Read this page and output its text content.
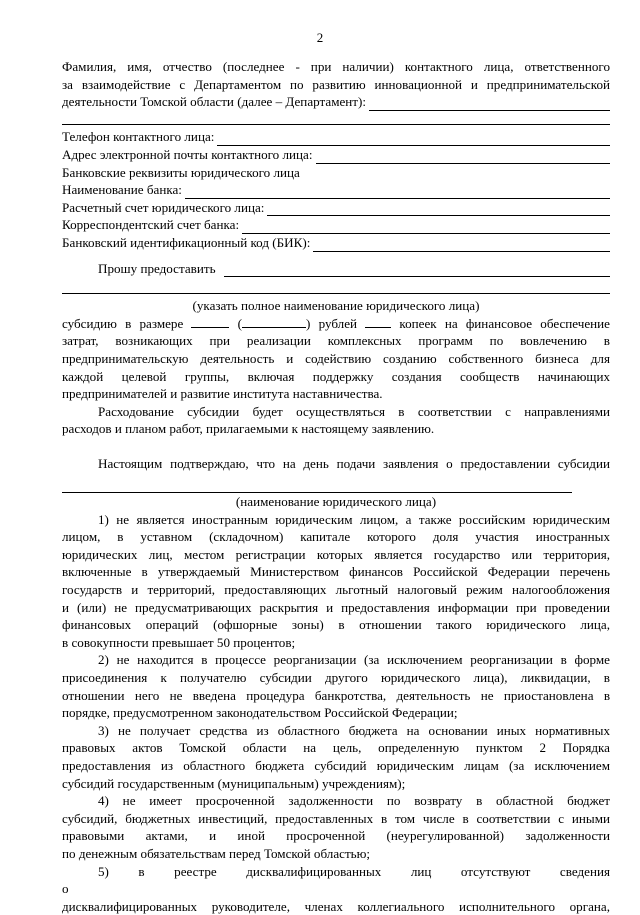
2
Фамилия, имя, отчество (последнее - при наличии) контактного лица, ответственного
за взаимодействие с Департаментом по развитию инновационной и предпринимательской
деятельности Томской области (далее – Департамент):
Телефон контактного лица:
Адрес электронной почты контактного лица:
Банковские реквизиты юридического лица
Наименование банка:
Расчетный счет юридического лица:
Корреспондентский счет банка:
Банковский идентификационный код (БИК):
Прошу предоставить
(указать полное наименование юридического лица)
субсидию в размере	(	) рублей	копеек на финансовое обеспечение
затрат, возникающих при реализации комплексных программ по вовлечению в
предпринимательскую деятельность и содействию созданию собственного бизнеса для
каждой целевой группы, включая поддержку создания сообществ начинающих
предпринимателей и развитие института наставничества.
Расходование субсидии будет осуществляться в соответствии с направлениями
расходов и планом работ, прилагаемыми к настоящему заявлению.
Настоящим подтверждаю, что на день подачи заявления о предоставлении субсидии
(наименование юридического лица)
1) не является иностранным юридическим лицом, а также российским юридическим
лицом, в уставном (складочном) капитале которого доля участия иностранных
юридических лиц, местом регистрации которых является государство или территория,
включенные в утверждаемый Министерством финансов Российской Федерации перечень
государств и территорий, предоставляющих льготный налоговый режим налогообложения
и (или) не предусматривающих раскрытия и предоставления информации при проведении
финансовых операций (офшорные зоны) в отношении такого юридического лица,
в совокупности превышает 50 процентов;
2) не находится в процессе реорганизации (за исключением реорганизации в форме
присоединения к получателю субсидии другого юридического лица), ликвидации, в
отношении него не введена процедура банкротства, деятельность не приостановлена в
порядке, предусмотренном законодательством Российской Федерации;
3) не получает средства из областного бюджета на основании иных нормативных
правовых актов Томской области на цель, определенную пунктом 2 Порядка
предоставления из областного бюджета субсидий юридическим лицам (за исключением
субсидий государственным (муниципальным) учреждениям);
4) не имеет просроченной задолженности по возврату в областной бюджет
субсидий, бюджетных инвестиций, предоставленных в том числе в соответствии с иными
правовыми актами, и иной просроченной (неурегулированной) задолженности
по денежным обязательствам перед Томской областью;
5) в реестре дисквалифицированных лиц отсутствуют сведения о
дисквалифицированных руководителе, членах коллегиального исполнительного органа,
